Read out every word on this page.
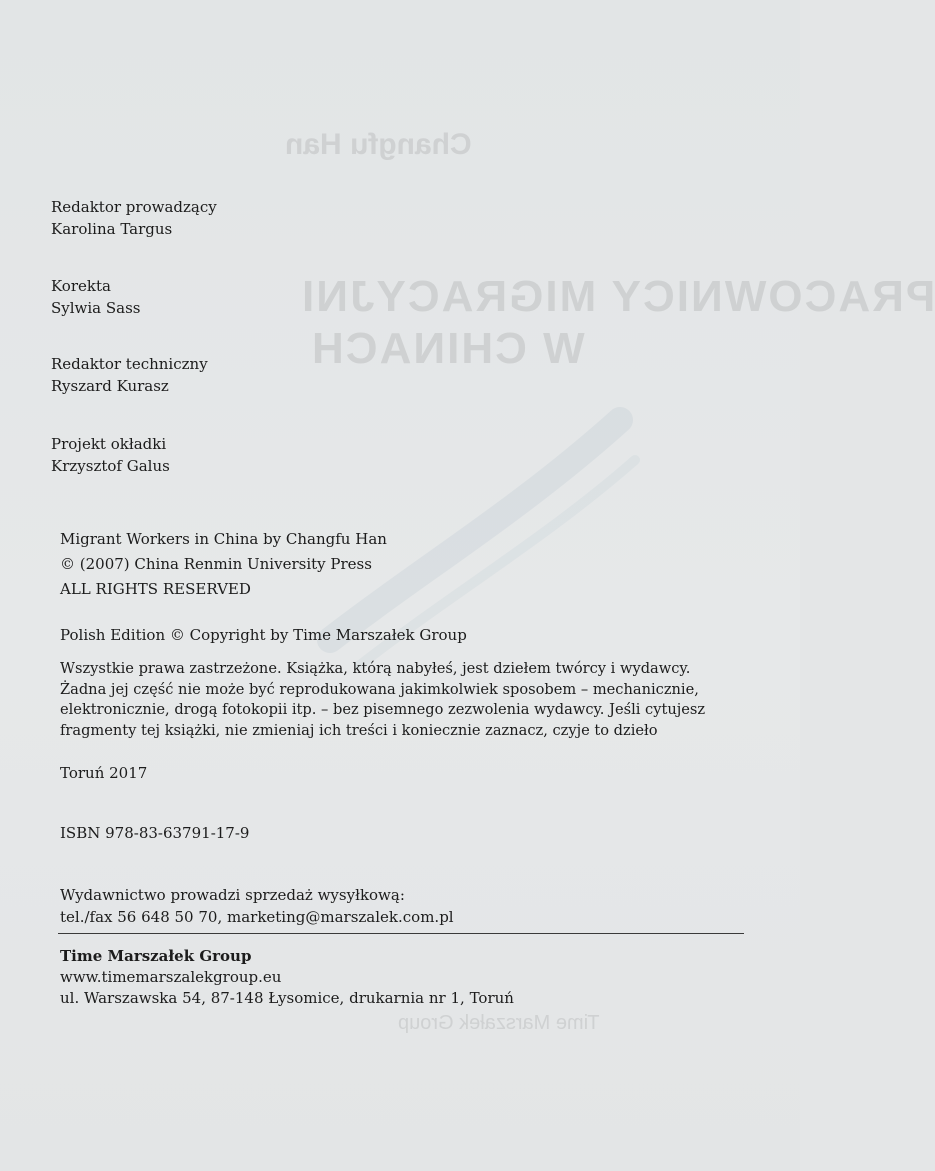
Changfu Han
PRACOWNICY MIGRACYJNI
W CHINACH
Time Marszałek Group
Redaktor prowadzący
Karolina Targus
Korekta
Sylwia Sass
Redaktor techniczny
Ryszard Kurasz
Projekt okładki
Krzysztof Galus
Migrant Workers in China by Changfu Han
© (2007) China Renmin University Press
ALL RIGHTS RESERVED
Polish Edition © Copyright by Time Marszałek Group
Wszystkie prawa zastrzeżone. Książka, którą nabyłeś, jest dziełem twórcy i wydawcy.
Żadna jej część nie może być reprodukowana jakimkolwiek sposobem – mechanicznie,
elektronicznie, drogą fotokopii itp. – bez pisemnego zezwolenia wydawcy. Jeśli cytujesz
fragmenty tej książki, nie zmieniaj ich treści i koniecznie zaznacz, czyje to dzieło
Toruń 2017
ISBN 978-83-63791-17-9
Wydawnictwo prowadzi sprzedaż wysyłkową:
tel./fax 56 648 50 70, marketing@marszalek.com.pl
Time Marszałek Group
www.timemarszalekgroup.eu
ul. Warszawska 54, 87-148 Łysomice, drukarnia nr 1, Toruń
